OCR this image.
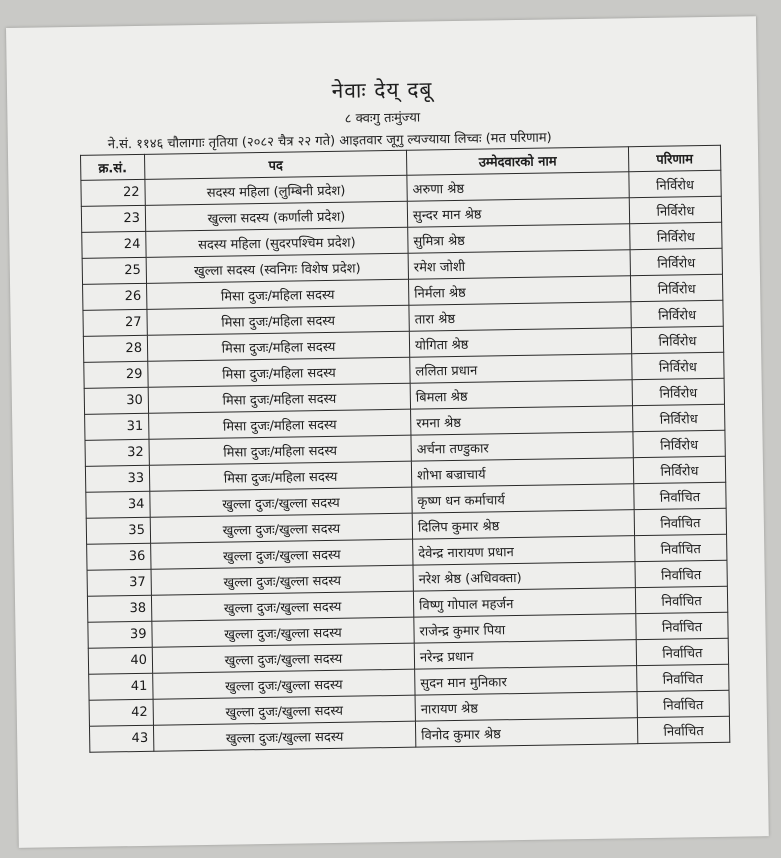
नेवाः देय् दबू
८ क्वःगु तःमुंज्या
ने.सं. ११४६ चौलागाः तृतिया (२०८२ चैत्र २२ गते) आइतवार जूगु ल्यज्याया लिच्वः (मत परिणाम)
क्र.सं.	पद	उम्मेदवारको नाम	परिणाम
22	सदस्य महिला (लुम्बिनी प्रदेश)	अरुणा श्रेष्ठ	निर्विरोध
23	खुल्ला सदस्य (कर्णाली प्रदेश)	सुन्दर मान श्रेष्ठ	निर्विरोध
24	सदस्य महिला (सुदरपश्चिम प्रदेश)	सुमित्रा श्रेष्ठ	निर्विरोध
25	खुल्ला सदस्य (स्वनिगः विशेष प्रदेश)	रमेश जोशी	निर्विरोध
26	मिसा दुजः/महिला सदस्य	निर्मला श्रेष्ठ	निर्विरोध
27	मिसा दुजः/महिला सदस्य	तारा श्रेष्ठ	निर्विरोध
28	मिसा दुजः/महिला सदस्य	योगिता श्रेष्ठ	निर्विरोध
29	मिसा दुजः/महिला सदस्य	ललिता प्रधान	निर्विरोध
30	मिसा दुजः/महिला सदस्य	बिमला श्रेष्ठ	निर्विरोध
31	मिसा दुजः/महिला सदस्य	रमना श्रेष्ठ	निर्विरोध
32	मिसा दुजः/महिला सदस्य	अर्चना तण्डुकार	निर्विरोध
33	मिसा दुजः/महिला सदस्य	शोभा बज्राचार्य	निर्विरोध
34	खुल्ला दुजः/खुल्ला सदस्य	कृष्ण धन कर्माचार्य	निर्वाचित
35	खुल्ला दुजः/खुल्ला सदस्य	दिलिप कुमार श्रेष्ठ	निर्वाचित
36	खुल्ला दुजः/खुल्ला सदस्य	देवेन्द्र नारायण प्रधान	निर्वाचित
37	खुल्ला दुजः/खुल्ला सदस्य	नरेश श्रेष्ठ (अधिवक्ता)	निर्वाचित
38	खुल्ला दुजः/खुल्ला सदस्य	विष्णु गोपाल महर्जन	निर्वाचित
39	खुल्ला दुजः/खुल्ला सदस्य	राजेन्द्र कुमार पिया	निर्वाचित
40	खुल्ला दुजः/खुल्ला सदस्य	नरेन्द्र प्रधान	निर्वाचित
41	खुल्ला दुजः/खुल्ला सदस्य	सुदन मान मुनिकार	निर्वाचित
42	खुल्ला दुजः/खुल्ला सदस्य	नारायण श्रेष्ठ	निर्वाचित
43	खुल्ला दुजः/खुल्ला सदस्य	विनोद कुमार श्रेष्ठ	निर्वाचित
